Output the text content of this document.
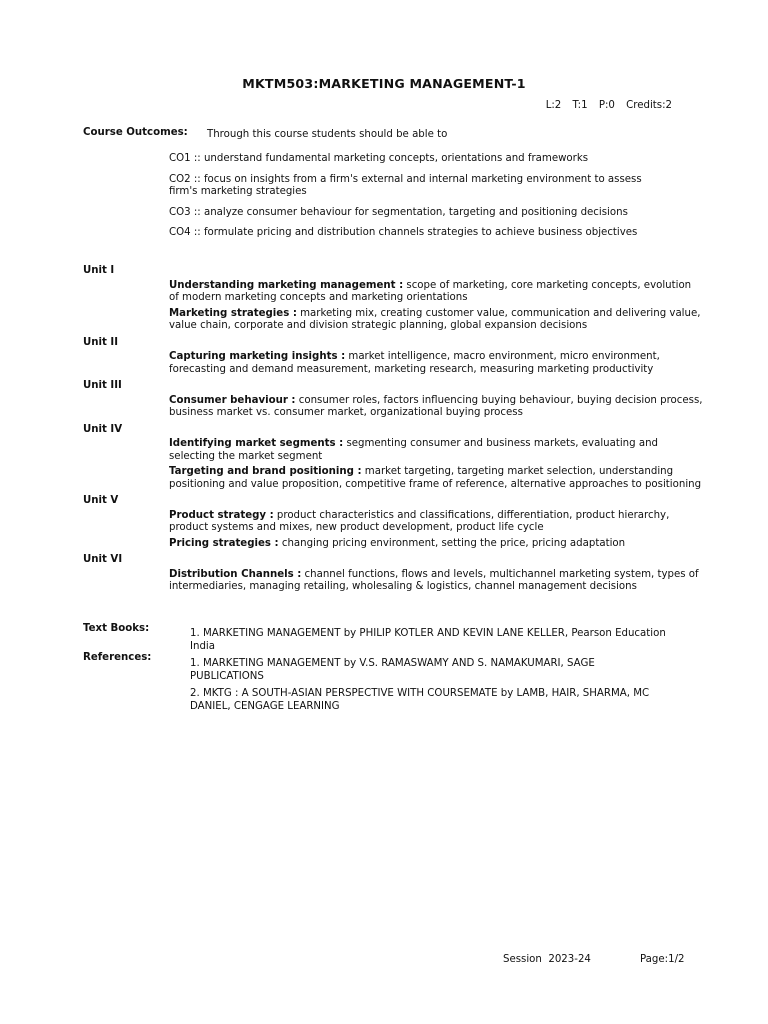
MKTM503:MARKETING MANAGEMENT-1
L:2 T:1 P:0 Credits:2
Course Outcomes: Through this course students should be able to
CO1 :: understand fundamental marketing concepts, orientations and frameworks
CO2 :: focus on insights from a firm's external and internal marketing environment to assess firm's marketing strategies
CO3 :: analyze consumer behaviour for segmentation, targeting and positioning decisions
CO4 :: formulate pricing and distribution channels strategies to achieve business objectives
Unit I
Understanding marketing management : scope of marketing, core marketing concepts, evolution of modern marketing concepts and marketing orientations
Marketing strategies : marketing mix, creating customer value, communication and delivering value, value chain, corporate and division strategic planning, global expansion decisions
Unit II
Capturing marketing insights : market intelligence, macro environment, micro environment, forecasting and demand measurement, marketing research, measuring marketing productivity
Unit III
Consumer behaviour : consumer roles, factors influencing buying behaviour, buying decision process, business market vs. consumer market, organizational buying process
Unit IV
Identifying market segments : segmenting consumer and business markets, evaluating and selecting the market segment
Targeting and brand positioning : market targeting, targeting market selection, understanding positioning and value proposition, competitive frame of reference, alternative approaches to positioning
Unit V
Product strategy : product characteristics and classifications, differentiation, product hierarchy, product systems and mixes, new product development, product life cycle
Pricing strategies : changing pricing environment, setting the price, pricing adaptation
Unit VI
Distribution Channels : channel functions, flows and levels, multichannel marketing system, types of intermediaries, managing retailing, wholesaling & logistics, channel management decisions
Text Books:
References:
1. MARKETING MANAGEMENT by PHILIP KOTLER AND KEVIN LANE KELLER, Pearson Education India
1. MARKETING MANAGEMENT by V.S. RAMASWAMY AND S. NAMAKUMARI, SAGE PUBLICATIONS
2. MKTG : A SOUTH-ASIAN PERSPECTIVE WITH COURSEMATE by LAMB, HAIR, SHARMA, MC DANIEL, CENGAGE LEARNING
Session  2023-24	Page:1/2
